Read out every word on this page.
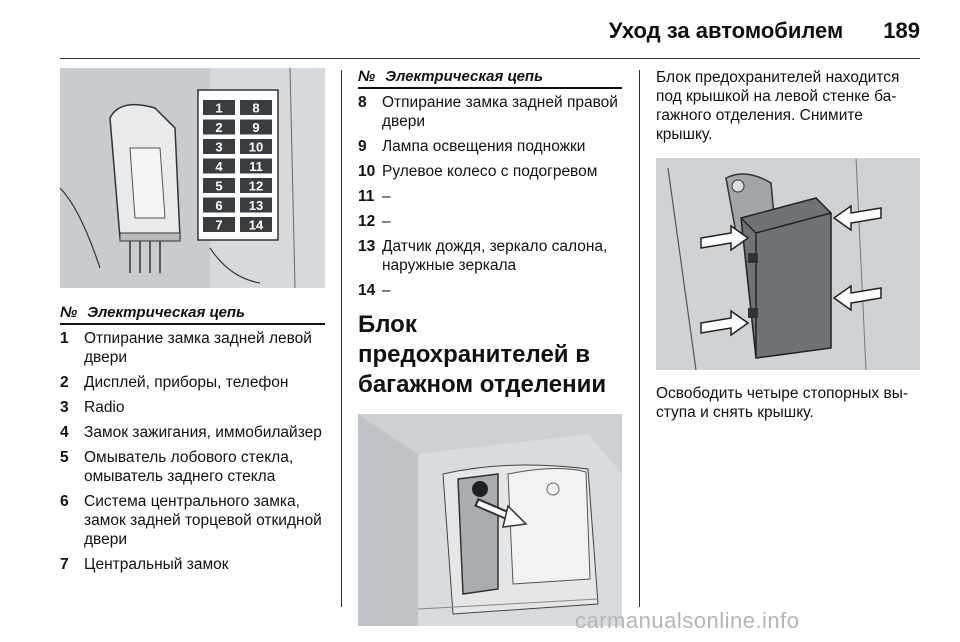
Уход за автомобилем 189
1
2
3
4
5
6
7
8
9
10
11
12
13
14
№ Электрическая цепь
1 Отпирание замка задней левой двери
2 Дисплей, приборы, телефон
3 Radio
4 Замок зажигания, иммобилайзер
5 Омыватель лобового стекла, омыватель заднего стекла
6 Система центрального замка, замок задней торцевой откидной двери
7 Центральный замок
№ Электрическая цепь
8 Отпирание замка задней правой двери
9 Лампа освещения подножки
10 Рулевое колесо с подогревом
11 –
12 –
13 Датчик дождя, зеркало салона, наружные зеркала
14 –
Блок предохранителей в багажном отделении
Блок предохранителей находится под крышкой на левой стенке ба-гажного отделения. Снимите крышку.
Освободить четыре стопорных вы-ступа и снять крышку.
carmanualsonline.info
